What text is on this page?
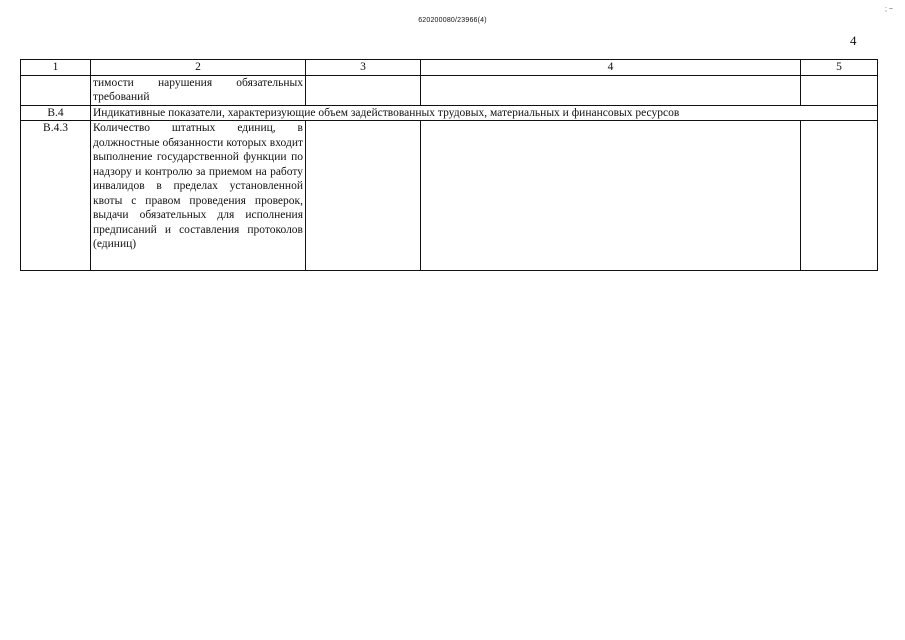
620200080/23966(4)
; ~
4
1	2	3	4	5
	тимости нарушения обязательных требований			
В.4	Индикативные показатели, характеризующие объем задействованных трудовых, материальных и финансовых ресурсов			
В.4.3	Количество штатных единиц, в должностные обязанности которых входит выполнение государственной функции по надзору и контролю за приемом на работу инвалидов в пределах установленной квоты с правом проведения проверок, выдачи обязательных для исполнения предписаний и составления протоколов (единиц)			
